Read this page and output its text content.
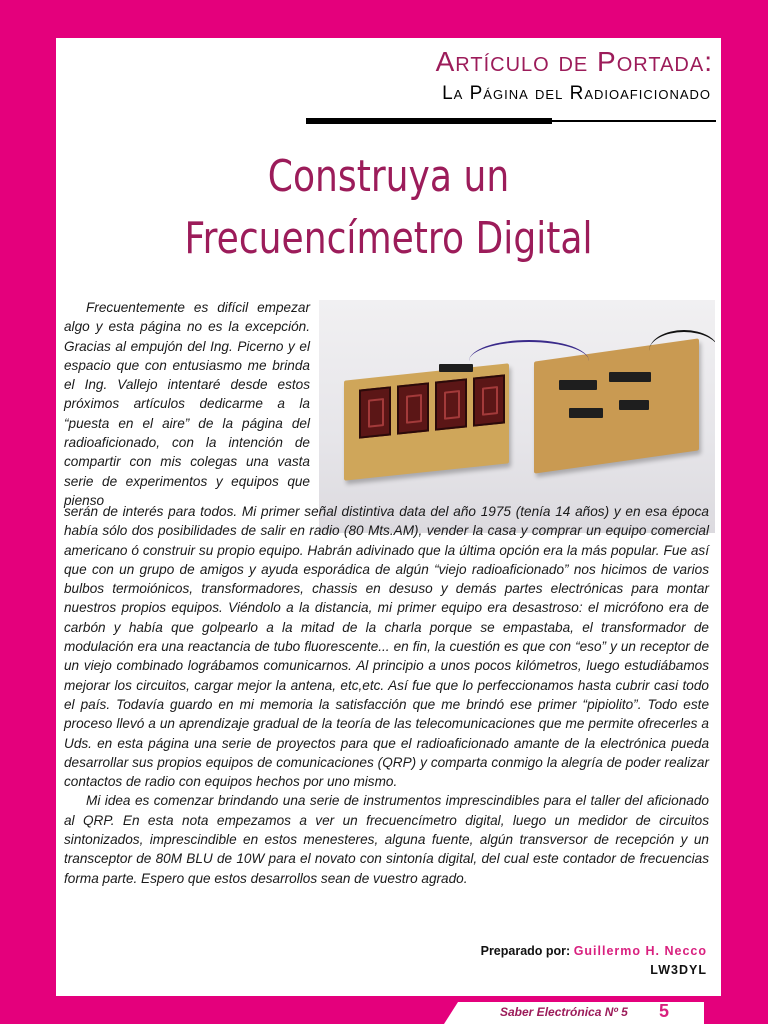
Artículo de Portada:
La Página del Radioaficionado
Construya un
Frecuencímetro Digital

Frecuentemente es difícil empezar algo y esta página no es la excepción. Gracias al empujón del Ing. Picerno y el espacio que con entusiasmo me brinda el Ing. Vallejo intentaré desde estos próximos artículos dedicarme a la “puesta en el aire” de la página del radioaficionado, con la intención de compartir con mis colegas una vasta serie de experimentos y equipos que pienso

serán de interés para todos. Mi primer señal distintiva data del año 1975 (tenía 14 años) y en esa época había sólo dos posibilidades de salir en radio (80 Mts.AM), vender la casa y comprar un equipo comercial americano ó construir su propio equipo. Habrán adivinado que la última opción era la más popular. Fue así que con un grupo de amigos y ayuda esporádica de algún “viejo radioaficionado” nos hicimos de varios bulbos termoiónicos, transformadores, chassis en desuso y demás partes electrónicas para montar nuestros propios equipos. Viéndolo a la distancia, mi primer equipo era desastroso: el micrófono era de carbón y había que golpearlo a la mitad de la charla porque se empastaba, el transformador de modulación era una reactancia de tubo fluorescente... en fin, la cuestión es que con “eso” y un receptor de un viejo combinado lográbamos comunicarnos. Al principio a unos pocos kilómetros, luego estudiábamos mejorar los circuitos, cargar mejor la antena, etc,etc. Así fue que lo perfeccionamos hasta cubrir casi todo el país. Todavía guardo en mi memoria la satisfacción que me brindó ese primer “pipiolito”. Todo este proceso llevó a un aprendizaje gradual de la teoría de las telecomunicaciones que me permite ofrecerles a Uds. en esta página una serie de proyectos para que el radioaficionado amante de la electrónica pueda desarrollar sus propios equipos de comunicaciones (QRP) y comparta conmigo la alegría de poder realizar contactos de radio con equipos hechos por uno mismo.

Mi idea es comenzar brindando una serie de instrumentos imprescindibles para el taller del aficionado al QRP. En esta nota empezamos a ver un frecuencímetro digital, luego un medidor de circuitos sintonizados, imprescindible en estos menesteres, alguna fuente, algún transversor de recepción y un transceptor de 80M BLU de 10W para el novato con sintonía digital, del cual este contador de frecuencias forma parte. Espero que estos desarrollos sean de vuestro agrado.

Preparado por: Guillermo H. Necco
LW3DYL
Saber Electrónica Nº 5 5
